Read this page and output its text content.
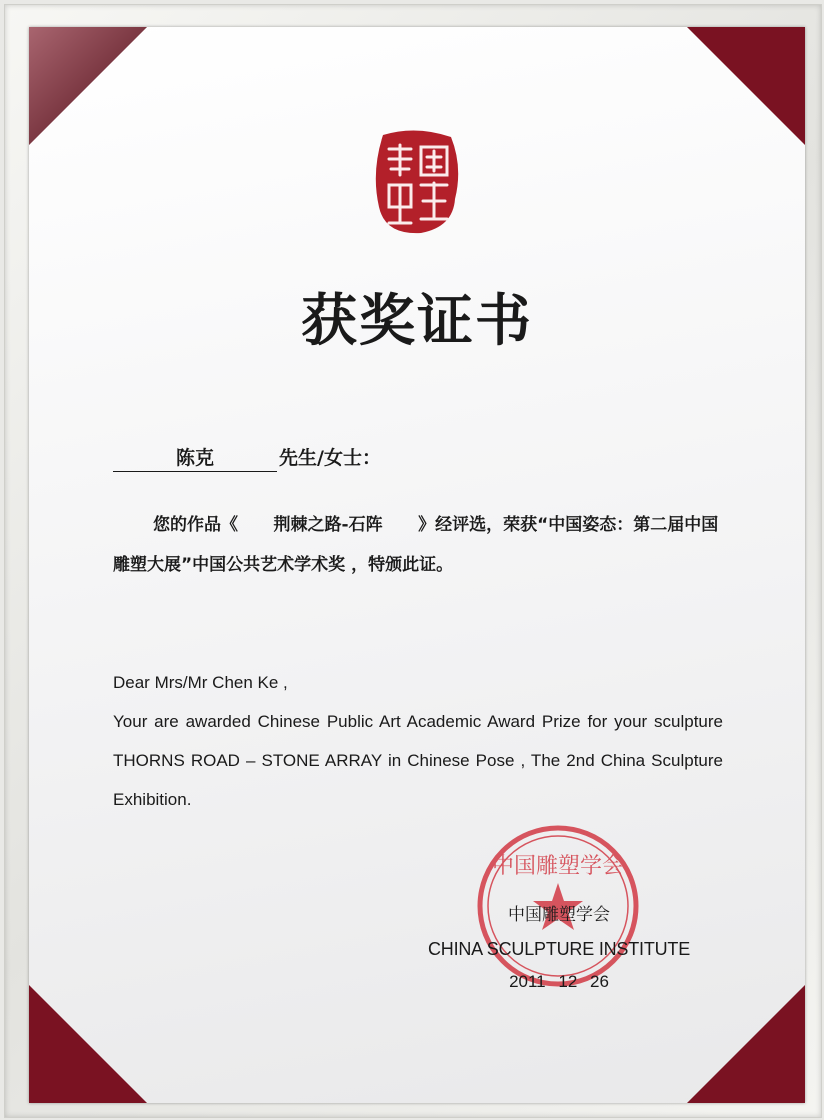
获奖证书
陈克	先生/女士：
您的作品《      荆棘之路-石阵      》经评选，荣获“中国姿态：第二届中国雕塑大展”中国公共艺术学术奖 ，特颁此证。
Dear Mrs/Mr Chen Ke ,
Your are awarded Chinese Public Art Academic Award Prize for your sculpture THORNS ROAD – STONE ARRAY in Chinese Pose , The 2nd China Sculpture Exhibition.
中国雕塑学会
中国雕塑学会
CHINA SCULPTURE INSTITUTE
2011 12 26
